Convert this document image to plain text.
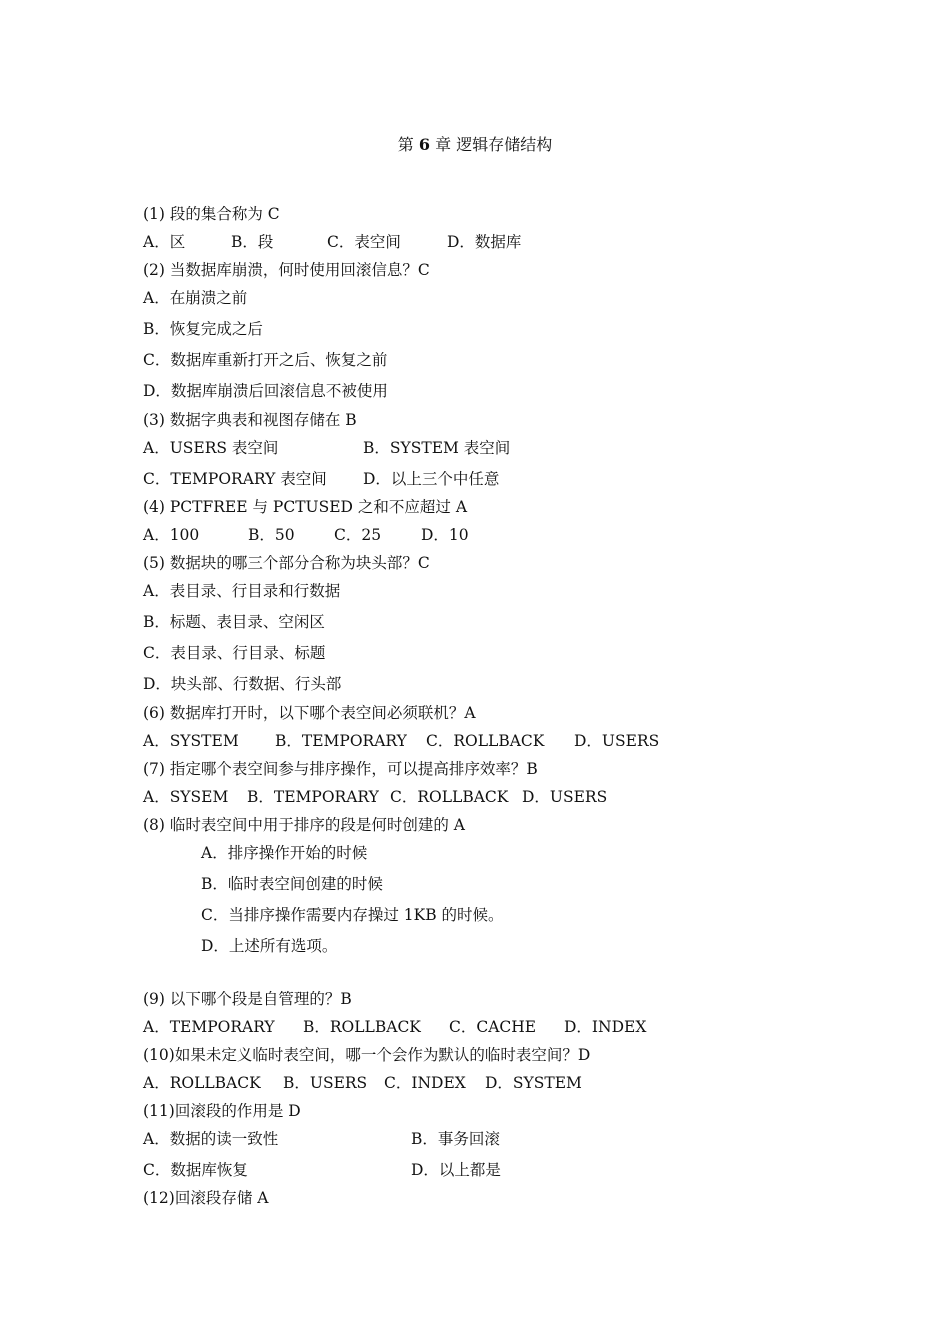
第 6 章 逻辑存储结构
(1) 段的集合称为 C
A．区	B．段	C．表空间	D．数据库
(2) 当数据库崩溃，何时使用回滚信息？C
A．在崩溃之前
B．恢复完成之后
C．数据库重新打开之后、恢复之前
D．数据库崩溃后回滚信息不被使用
(3) 数据字典表和视图存储在 B
A．USERS 表空间	B．SYSTEM 表空间
C．TEMPORARY 表空间 D．以上三个中任意
(4) PCTFREE 与 PCTUSED 之和不应超过 A
A．100	B．50	C．25	D．10
(5) 数据块的哪三个部分合称为块头部？C
A．表目录、行目录和行数据
B．标题、表目录、空闲区
C．表目录、行目录、标题
D．块头部、行数据、行头部
(6) 数据库打开时，以下哪个表空间必须联机？A
A．SYSTEM B．TEMPORARY C．ROLLBACK D．USERS
(7) 指定哪个表空间参与排序操作，可以提高排序效率？B
A．SYSEM B．TEMPORARY C．ROLLBACK D．USERS
(8) 临时表空间中用于排序的段是何时创建的 A
A．排序操作开始的时候
B．临时表空间创建的时候
C．当排序操作需要内存操过 1KB 的时候。
D．上述所有选项。
(9) 以下哪个段是自管理的？B
A．TEMPORARY B．ROLLBACK C．CACHE D．INDEX
(10)如果未定义临时表空间，哪一个会作为默认的临时表空间？D
A．ROLLBACK B．USERS C．INDEX D．SYSTEM
(11)回滚段的作用是 D
A．数据的读一致性	B．事务回滚
C．数据库恢复	D．以上都是
(12)回滚段存储 A
